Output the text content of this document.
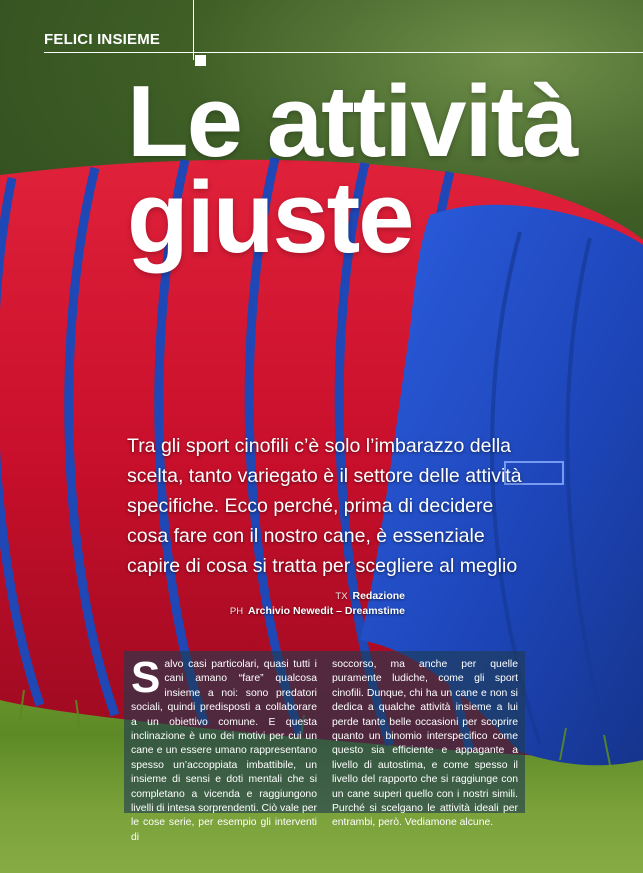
FELICI INSIEME
Le attività
giuste
Tra gli sport cinofili c’è solo l’imbarazzo della scelta, tanto variegato è il settore delle attività specifiche. Ecco perché, prima di decidere cosa fare con il nostro cane, è essenziale capire di cosa si tratta per scegliere al meglio
TX Redazione
PH Archivio Newedit – Dreamstime
Salvo casi particolari, quasi tutti i cani amano “fare” qualcosa insieme a noi: sono predatori sociali, quindi predisposti a collaborare a un obiettivo comune. E questa inclinazione è uno dei motivi per cui un cane e un essere umano rappresentano spesso un’accoppiata imbattibile, un insieme di sensi e doti mentali che si completano a vicenda e raggiungono livelli di intesa sorprendenti. Ciò vale per le cose serie, per esempio gli interventi di
soccorso, ma anche per quelle puramente ludiche, come gli sport cinofili. Dunque, chi ha un cane e non si dedica a qualche attività insieme a lui perde tante belle occasioni per scoprire quanto un binomio interspecifico come questo sia efficiente e appagante a livello di autostima, e come spesso il livello del rapporto che si raggiunge con un cane superi quello con i nostri simili. Purché si scelgano le attività ideali per entrambi, però. Vediamone alcune.
